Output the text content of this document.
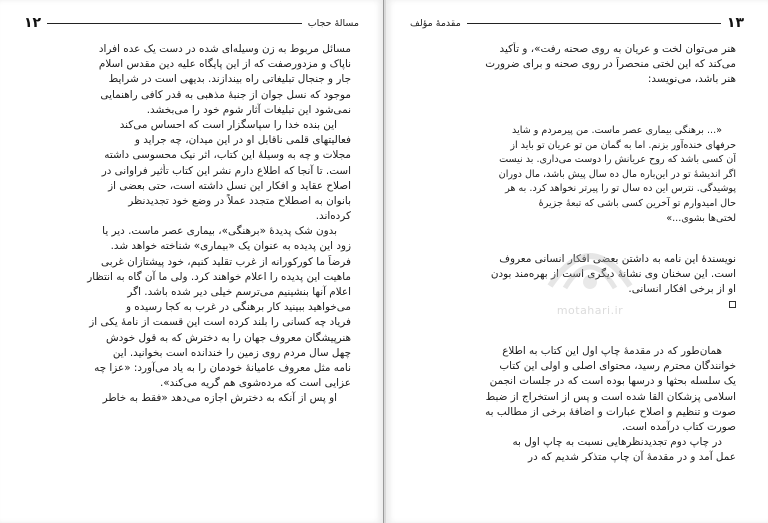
۱۲	مسالهٔ حجاب
مسائل مربوط به زن وسیله‌ای شده در دست یک عده افراد
ناپاک و مزدورصفت که از این پایگاه علیه دین مقدس اسلام
جار و جنجال تبلیغاتی راه بیندازند. بدیهی است در شرایط
موجود که نسل جوان از جنبهٔ مذهبی به قدر کافی راهنمایی
نمی‌شود این تبلیغات آثار شوم خود را می‌بخشد.
این بنده خدا را سپاسگزار است که احساس می‌کند
فعالیتهای قلمی ناقابل او در این میدان، چه جراید و
مجلات و چه به وسیلهٔ این کتاب، اثر نیک محسوسی داشته
است. تا آنجا که اطلاع دارم نشر این کتاب تأثیر فراوانی در
اصلاح عقاید و افکار این نسل داشته است، حتی بعضی از
بانوان به اصطلاح متجدد عملاً در وضع خود تجدیدنظر
کرده‌اند.
بدون شک پدیدهٔ «برهنگی»، بیماری عصر ماست. دیر یا
زود این پدیده به عنوان یک «بیماری» شناخته خواهد شد.
فرضاً ما کورکورانه از غرب تقلید کنیم، خود پیشتازان غربی
ماهیت این پدیده را اعلام خواهند کرد. ولی ما آن گاه به انتظار
اعلام آنها بنشینیم می‌ترسم خیلی دیر شده باشد. اگر
می‌خواهید ببینید کار برهنگی در غرب به کجا رسیده و
فریاد چه کسانی را بلند کرده است این قسمت از نامهٔ یکی از
هنرپیشگان معروف جهان را به دخترش که به قول خودش
چهل سال مردم روی زمین را خندانده است بخوانید. این
نامه مثل معروف عامیانهٔ خودمان را به یاد می‌آورد: «عزا چه
عزایی است که مرده‌شوی هم گریه می‌کند».
او پس از آنکه به دخترش اجازه می‌دهد «فقط به خاطر
مقدمهٔ مؤلف	۱۳
هنر می‌توان لخت و عریان به روی صحنه رفت»، و تأکید
می‌کند که این لختی منحصراً در روی صحنه و برای ضرورت
هنر باشد، می‌نویسد:
«... برهنگی بیماری عصر ماست. من پیرمردم و شاید
حرفهای خنده‌آور بزنم. اما به گمان من تو عریان تو باید از
آن کسی باشد که روح عریانش را دوست می‌داری. بد نیست
اگر اندیشهٔ تو در این‌باره مال ده سال پیش باشد، مال دوران
پوشیدگی. نترس این ده سال تو را پیرتر نخواهد کرد. به هر
حال امیدوارم تو آخرین کسی باشی که تبعهٔ جزیرهٔ
لختی‌ها بشوی...»
نویسندهٔ این نامه به داشتن بعضی افکار انسانی معروف
است. این سخنان وی نشانهٔ دیگری است از بهره‌مند بودن
او از برخی افکار انسانی.
همان‌طور که در مقدمهٔ چاپ اول این کتاب به اطلاع
خوانندگان محترم رسید، محتوای اصلی و اولی این کتاب
یک سلسله بحثها و درسها بوده است که در جلسات انجمن
اسلامی پزشکان القا شده است و پس از استخراج از ضبط
صوت و تنظیم و اصلاح عبارات و اضافهٔ برخی از مطالب به
صورت کتاب درآمده است.
در چاپ دوم تجدیدنظرهایی نسبت به چاپ اول به
عمل آمد و در مقدمهٔ آن چاپ متذکر شدیم که در
motahari.ir
